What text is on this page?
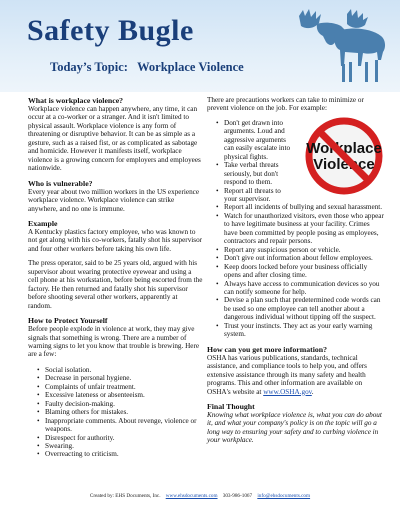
Safety Bugle
Today’s Topic: Workplace Violence
What is workplace violence?

Workplace violence can happen anywhere, any time, it can occur at a co-worker or a stranger. And it isn't limited to physical assault. Workplace violence is any form of threatening or disruptive behavior. It can be as simple as a gesture, such as a raised fist, or as complicated as sabotage and homicide. However it manifests itself, workplace violence is a growing concern for employers and employees nationwide.

Who is vulnerable?

Every year about two million workers in the US experience workplace violence. Workplace violence can strike anywhere, and no one is immune.

Example

A Kentucky plastics factory employee, who was known to not get along with his co-workers, fatally shot his supervisor and four other workers before taking his own life.

The press operator, said to be 25 years old, argued with his supervisor about wearing protective eyewear and using a cell phone at his workstation, before being escorted from the factory. He then returned and fatally shot his supervisor before shooting several other workers, apparently at random.

How to Protect Yourself

Before people explode in violence at work, they may give signals that something is wrong. There are a number of warning signs to let you know that trouble is brewing. Here are a few:

• Social isolation.
• Decrease in personal hygiene.
• Complaints of unfair treatment.
• Excessive lateness or absenteeism.
• Faulty decision-making.
• Blaming others for mistakes.
• Inappropriate comments. About revenge, violence or weapons.
• Disrespect for authority.
• Swearing.
• Overreacting to criticism.

There are precautions workers can take to minimize or prevent violence on the job. For example:

Workplace
Violence
• Don't get drawn into arguments. Loud and aggressive arguments can easily escalate into physical fights.
• Take verbal threats seriously, but don't respond to them.
• Report all threats to your supervisor.
• Report all incidents of bullying and sexual harassment.
• Watch for unauthorized visitors, even those who appear to have legitimate business at your facility. Crimes have been committed by people posing as employees, contractors and repair persons.
• Report any suspicious person or vehicle.
• Don't give out information about fellow employees.
• Keep doors locked before your business officially opens and after closing time.
• Always have access to communication devices so you can notify someone for help.
• Devise a plan such that predetermined code words can be used so one employee can tell another about a dangerous individual without tipping off the suspect.
• Trust your instincts. They act as your early warning system.
How can you get more information?

OSHA has various publications, standards, technical assistance, and compliance tools to help you, and offers extensive assistance through its many safety and health programs. This and other information are available on OSHA's website at www.OSHA.gov.

Final Thought

Knowing what workplace violence is, what you can do about it, and what your company's policy is on the topic will go a long way to ensuring your safety and to curbing violence in your workplace.

Created by: EHS Documents, Inc. www.ehsdocuments.com 303-986-1067 info@ehsdocuments.com
